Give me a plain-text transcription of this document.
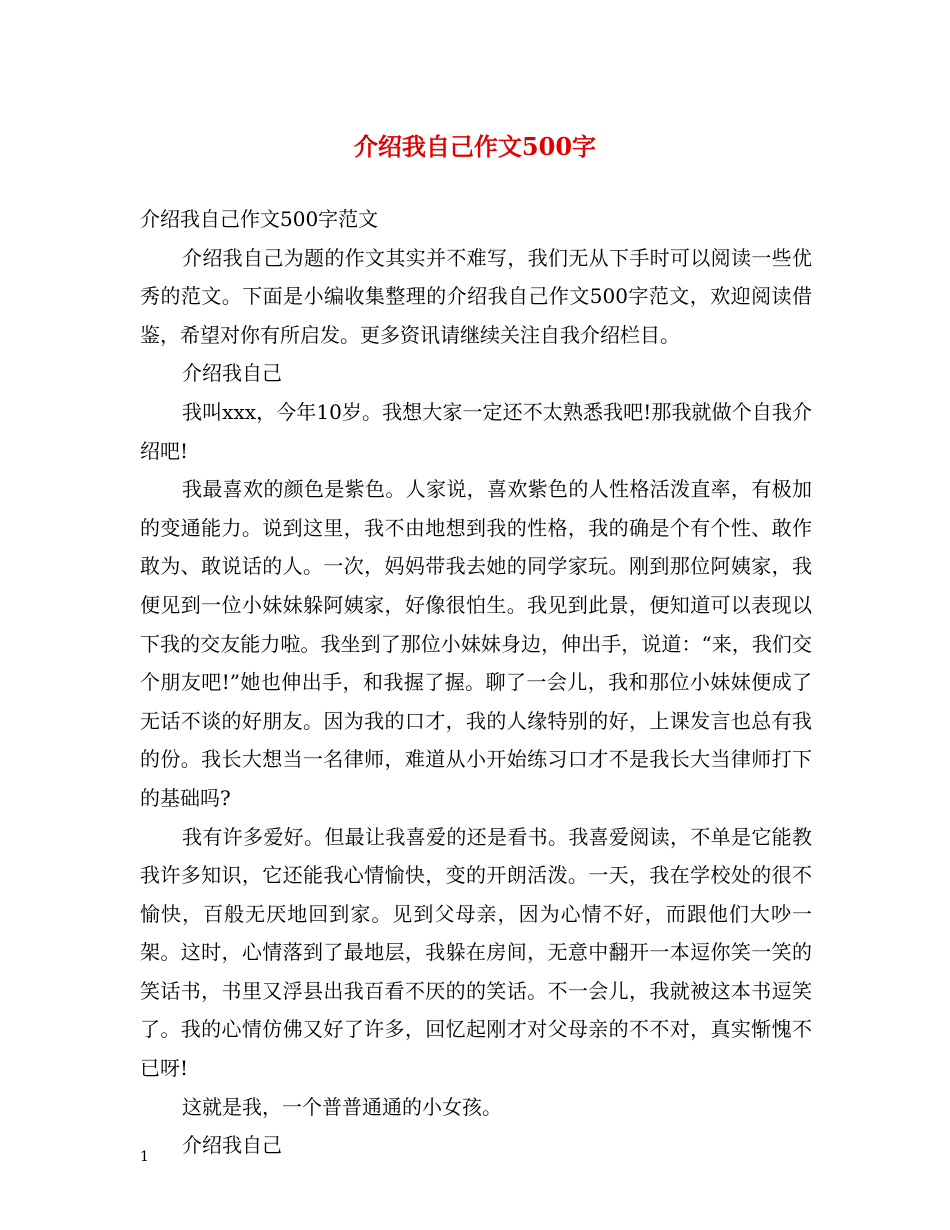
介绍我自己作文500字

介绍我自己作文500字范文

介绍我自己为题的作文其实并不难写，我们无从下手时可以阅读一些优秀的范文。下面是小编收集整理的介绍我自己作文500字范文，欢迎阅读借鉴，希望对你有所启发。更多资讯请继续关注自我介绍栏目。

介绍我自己

我叫xxx，今年10岁。我想大家一定还不太熟悉我吧!那我就做个自我介绍吧!

我最喜欢的颜色是紫色。人家说，喜欢紫色的人性格活泼直率，有极加的变通能力。说到这里，我不由地想到我的性格，我的确是个有个性、敢作敢为、敢说话的人。一次，妈妈带我去她的同学家玩。刚到那位阿姨家，我便见到一位小妹妹躲阿姨家，好像很怕生。我见到此景，便知道可以表现以下我的交友能力啦。我坐到了那位小妹妹身边，伸出手，说道：“来，我们交个朋友吧!”她也伸出手，和我握了握。聊了一会儿，我和那位小妹妹便成了无话不谈的好朋友。因为我的口才，我的人缘特别的好，上课发言也总有我的份。我长大想当一名律师，难道从小开始练习口才不是我长大当律师打下的基础吗?

我有许多爱好。但最让我喜爱的还是看书。我喜爱阅读，不单是它能教我许多知识，它还能我心情愉快，变的开朗活泼。一天，我在学校处的很不愉快，百般无厌地回到家。见到父母亲，因为心情不好，而跟他们大吵一架。这时，心情落到了最地层，我躲在房间，无意中翻开一本逗你笑一笑的笑话书，书里又浮县出我百看不厌的的笑话。不一会儿，我就被这本书逗笑了。我的心情仿佛又好了许多，回忆起刚才对父母亲的不不对，真实惭愧不已呀!

这就是我，一个普普通通的小女孩。

介绍我自己

1
